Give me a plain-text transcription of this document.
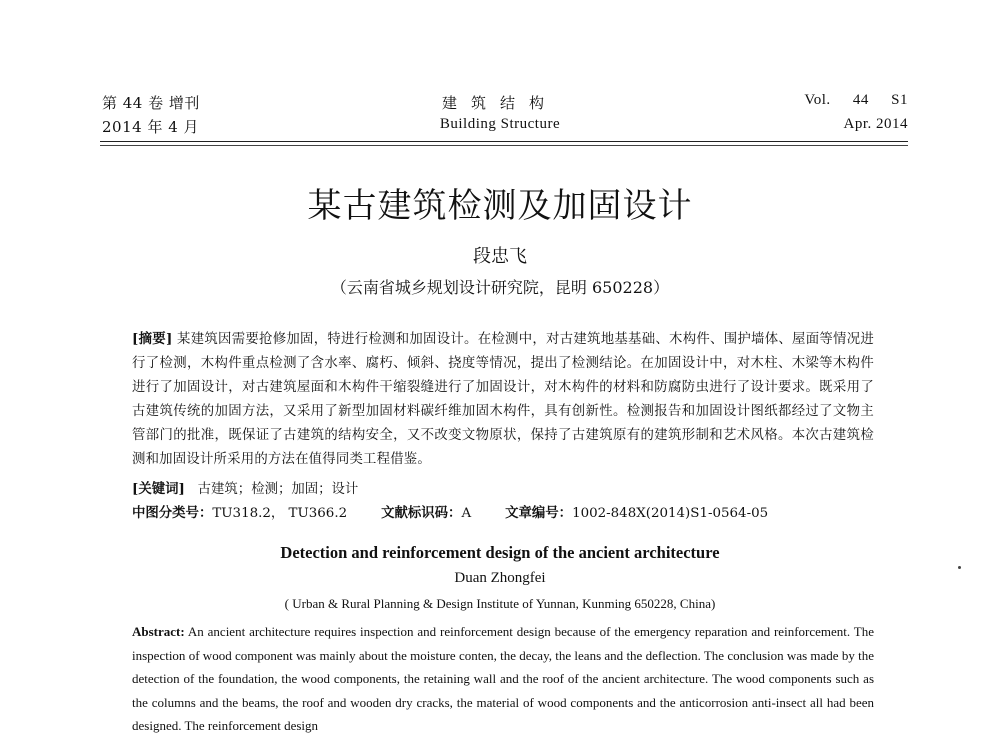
第 44 卷 增刊
2014 年 4 月
建筑结构
Building Structure
Vol. 44 S1
Apr. 2014
某古建筑检测及加固设计
段忠飞
（云南省城乡规划设计研究院，昆明 650228）
[摘要] 某建筑因需要抢修加固，特进行检测和加固设计。在检测中，对古建筑地基基础、木构件、围护墙体、屋面等情况进行了检测，木构件重点检测了含水率、腐朽、倾斜、挠度等情况，提出了检测结论。在加固设计中，对木柱、木梁等木构件进行了加固设计，对古建筑屋面和木构件干缩裂缝进行了加固设计，对木构件的材料和防腐防虫进行了设计要求。既采用了古建筑传统的加固方法，又采用了新型加固材料碳纤维加固木构件，具有创新性。检测报告和加固设计图纸都经过了文物主管部门的批准，既保证了古建筑的结构安全，又不改变文物原状，保持了古建筑原有的建筑形制和艺术风格。本次古建筑检测和加固设计所采用的方法在值得同类工程借鉴。
[关键词] 古建筑；检测；加固；设计
中图分类号：TU318.2， TU366.2	文献标识码：A	文章编号：1002-848X(2014)S1-0564-05
Detection and reinforcement design of the ancient architecture
Duan Zhongfei
( Urban & Rural Planning & Design Institute of Yunnan, Kunming 650228, China)
Abstract: An ancient architecture requires inspection and reinforcement design because of the emergency reparation and reinforcement. The inspection of wood component was mainly about the moisture conten, the decay, the leans and the deflection. The conclusion was made by the detection of the foundation, the wood components, the retaining wall and the roof of the ancient architecture. The wood components such as the columns and the beams, the roof and wooden dry cracks, the material of wood components and the anticorrosion anti-insect all had been designed. The reinforcement design
